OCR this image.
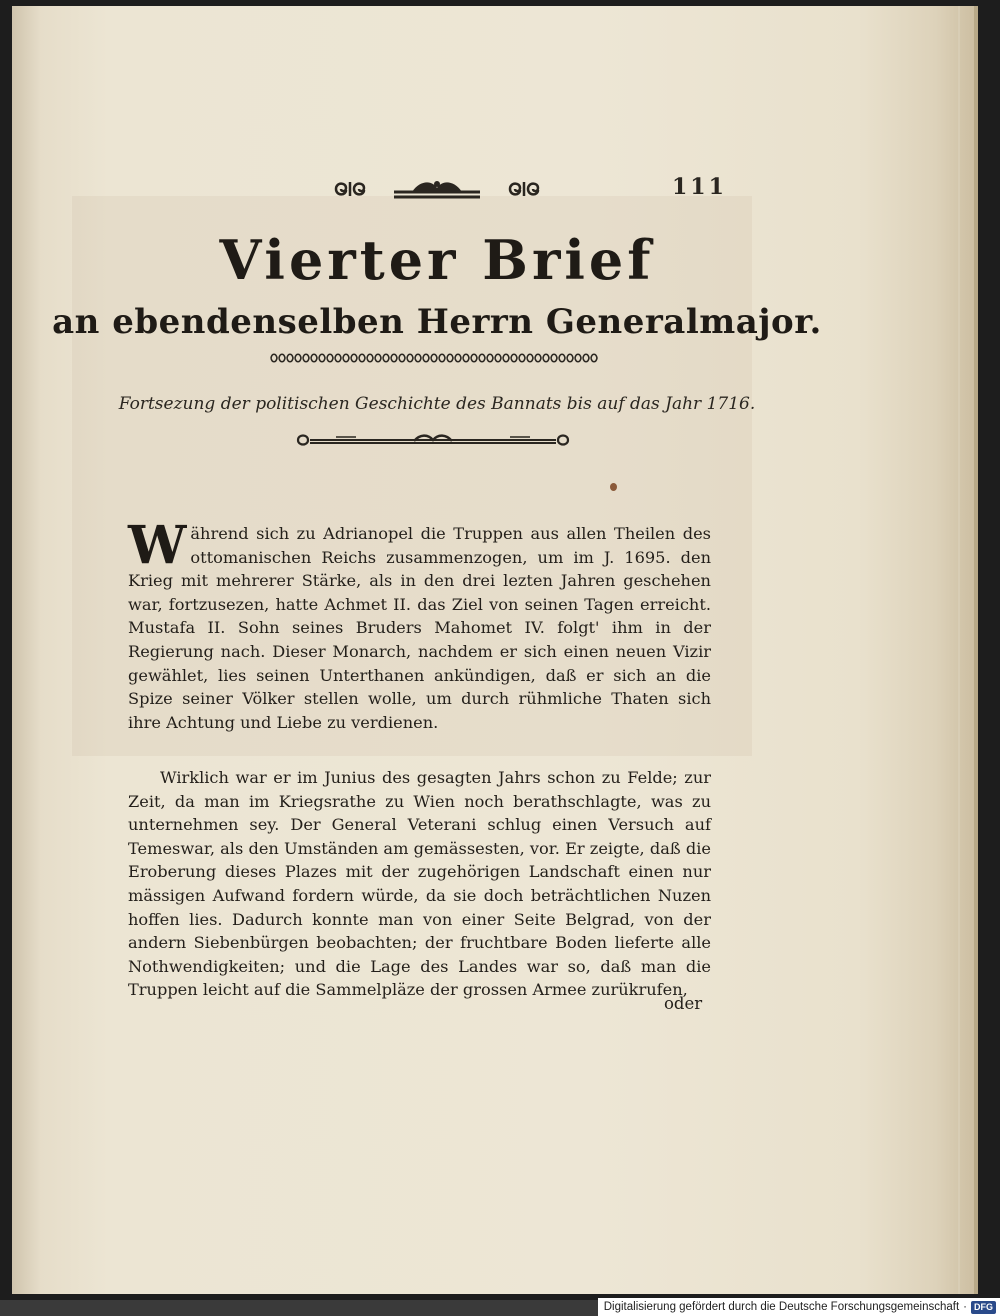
111
Vierter Brief
an ebendenselben Herrn Generalmajor.
Fortsezung der politischen Geschichte des Bannats bis auf das Jahr 1716.
Während sich zu Adrianopel die Truppen aus allen Theilen des ottomanischen Reichs zusammenzogen, um im J. 1695. den Krieg mit mehrerer Stärke, als in den drei lezten Jahren geschehen war, fortzusezen, hatte Achmet II. das Ziel von seinen Tagen erreicht. Mustafa II. Sohn seines Bruders Mahomet IV. folgt' ihm in der Regierung nach. Dieser Monarch, nachdem er sich einen neuen Vizir gewählet, lies seinen Unterthanen ankündigen, daß er sich an die Spize seiner Völker stellen wolle, um durch rühmliche Thaten sich ihre Achtung und Liebe zu verdienen.
Wirklich war er im Junius des gesagten Jahrs schon zu Felde; zur Zeit, da man im Kriegsrathe zu Wien noch berathschlagte, was zu unternehmen sey. Der General Veterani schlug einen Versuch auf Temeswar, als den Umständen am gemässesten, vor. Er zeigte, daß die Eroberung dieses Plazes mit der zugehörigen Landschaft einen nur mässigen Aufwand fordern würde, da sie doch beträchtlichen Nuzen hoffen lies. Dadurch konnte man von einer Seite Belgrad, von der andern Siebenbürgen beobachten; der fruchtbare Boden lieferte alle Nothwendigkeiten; und die Lage des Landes war so, daß man die Truppen leicht auf die Sammelpläze der grossen Armee zurükrufen,
oder
Digitalisierung gefördert durch die Deutsche Forschungsgemeinschaft · DFG
